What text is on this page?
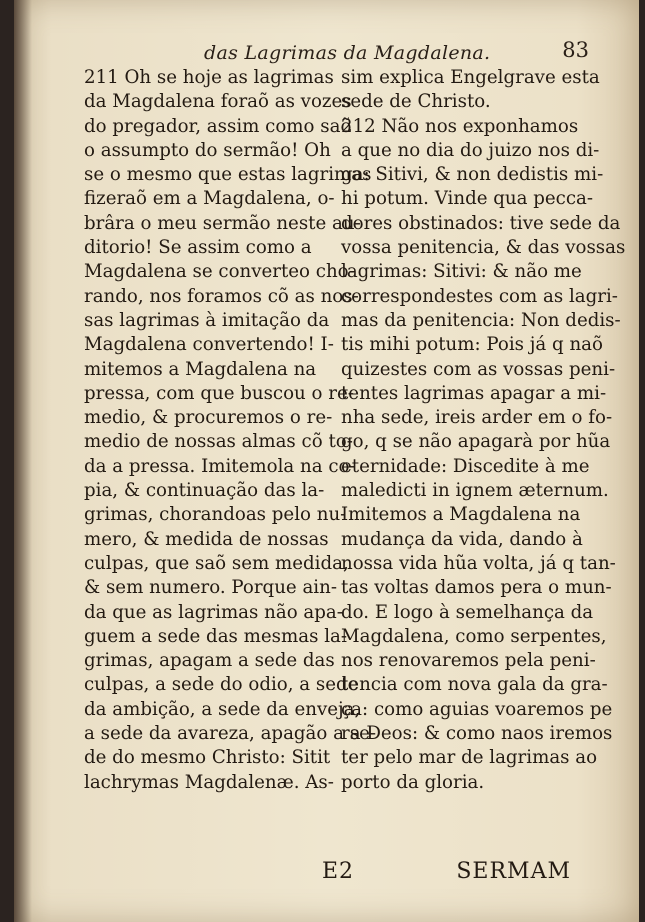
das Lagrimas da Magdalena.	83
211 Oh se hoje as lagrimas
da Magdalena foraõ as vozes
do pregador, assim como saõ
o assumpto do sermão! Oh
se o mesmo que estas lagrimas
fizeraõ em a Magdalena, o-
brâra o meu sermão neste au-
ditorio! Se assim como a
Magdalena se converteo cho-
rando, nos foramos cõ as nos-
sas lagrimas à imitação da
Magdalena convertendo! I-
mitemos a Magdalena na
pressa, com que buscou o re-
medio, & procuremos o re-
medio de nossas almas cõ to-
da a pressa. Imitemola na co-
pia, & continuação das la-
grimas, chorandoas pelo nu-
mero, & medida de nossas
culpas, que saõ sem medida,
& sem numero. Porque ain-
da que as lagrimas não apa-
guem a sede das mesmas la-
grimas, apagam a sede das
culpas, a sede do odio, a sede
da ambição, a sede da enveja,
a sede da avareza, apagão a se-
de do mesmo Christo: Sitit
lachrymas Magdalenæ. As-
sim explica Engelgrave esta
sede de Christo.
212 Não nos exponhamos
a que no dia do juizo nos di-
ga: Sitivi, & non dedistis mi-
hi potum. Vinde qua pecca-
dores obstinados: tive sede da
vossa penitencia, & das vossas
lagrimas: Sitivi: & não me
correspondestes com as lagri-
mas da penitencia: Non dedis-
tis mihi potum: Pois já q naõ
quizestes com as vossas peni-
tentes lagrimas apagar a mi-
nha sede, ireis arder em o fo-
go, q se não apagarà por hũa
eternidade: Discedite à me
maledicti in ignem æternum.
Imitemos a Magdalena na
mudança da vida, dando à
nossa vida hũa volta, já q tan-
tas voltas damos pera o mun-
do. E logo à semelhança da
Magdalena, como serpentes,
nos renovaremos pela peni-
tencia com nova gala da gra-
ça: como aguias voaremos pe
ra Deos: & como naos iremos
ter pelo mar de lagrimas ao
porto da gloria.
E2	SERMAM
